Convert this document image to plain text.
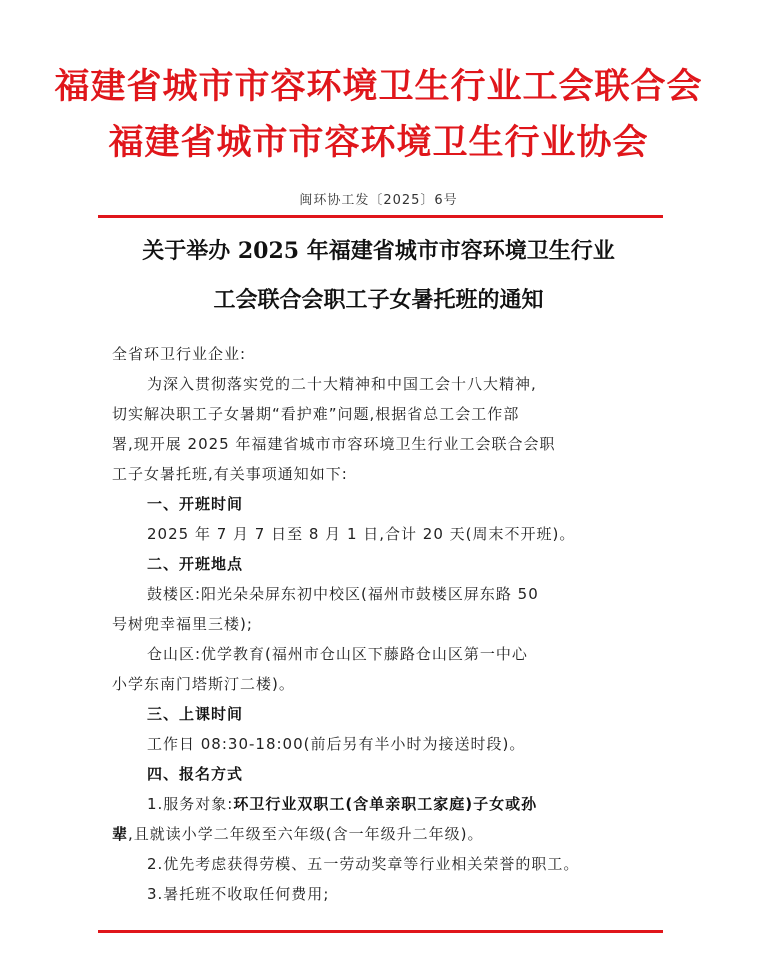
福建省城市市容环境卫生行业工会联合会
福建省城市市容环境卫生行业协会
闽环协工发〔2025〕6号
关于举办 2025 年福建省城市市容环境卫生行业
工会联合会职工子女暑托班的通知
全省环卫行业企业:
为深入贯彻落实党的二十大精神和中国工会十八大精神,
切实解决职工子女暑期“看护难”问题,根据省总工会工作部
署,现开展 2025 年福建省城市市容环境卫生行业工会联合会职
工子女暑托班,有关事项通知如下:
一、开班时间
2025 年 7 月 7 日至 8 月 1 日,合计 20 天(周末不开班)。
二、开班地点
鼓楼区:阳光朵朵屏东初中校区(福州市鼓楼区屏东路 50
号树兜幸福里三楼);
仓山区:优学教育(福州市仓山区下藤路仓山区第一中心
小学东南门塔斯汀二楼)。
三、上课时间
工作日 08:30-18:00(前后另有半小时为接送时段)。
四、报名方式
1.服务对象:环卫行业双职工(含单亲职工家庭)子女或孙
辈,且就读小学二年级至六年级(含一年级升二年级)。
2.优先考虑获得劳模、五一劳动奖章等行业相关荣誉的职工。
3.暑托班不收取任何费用;
